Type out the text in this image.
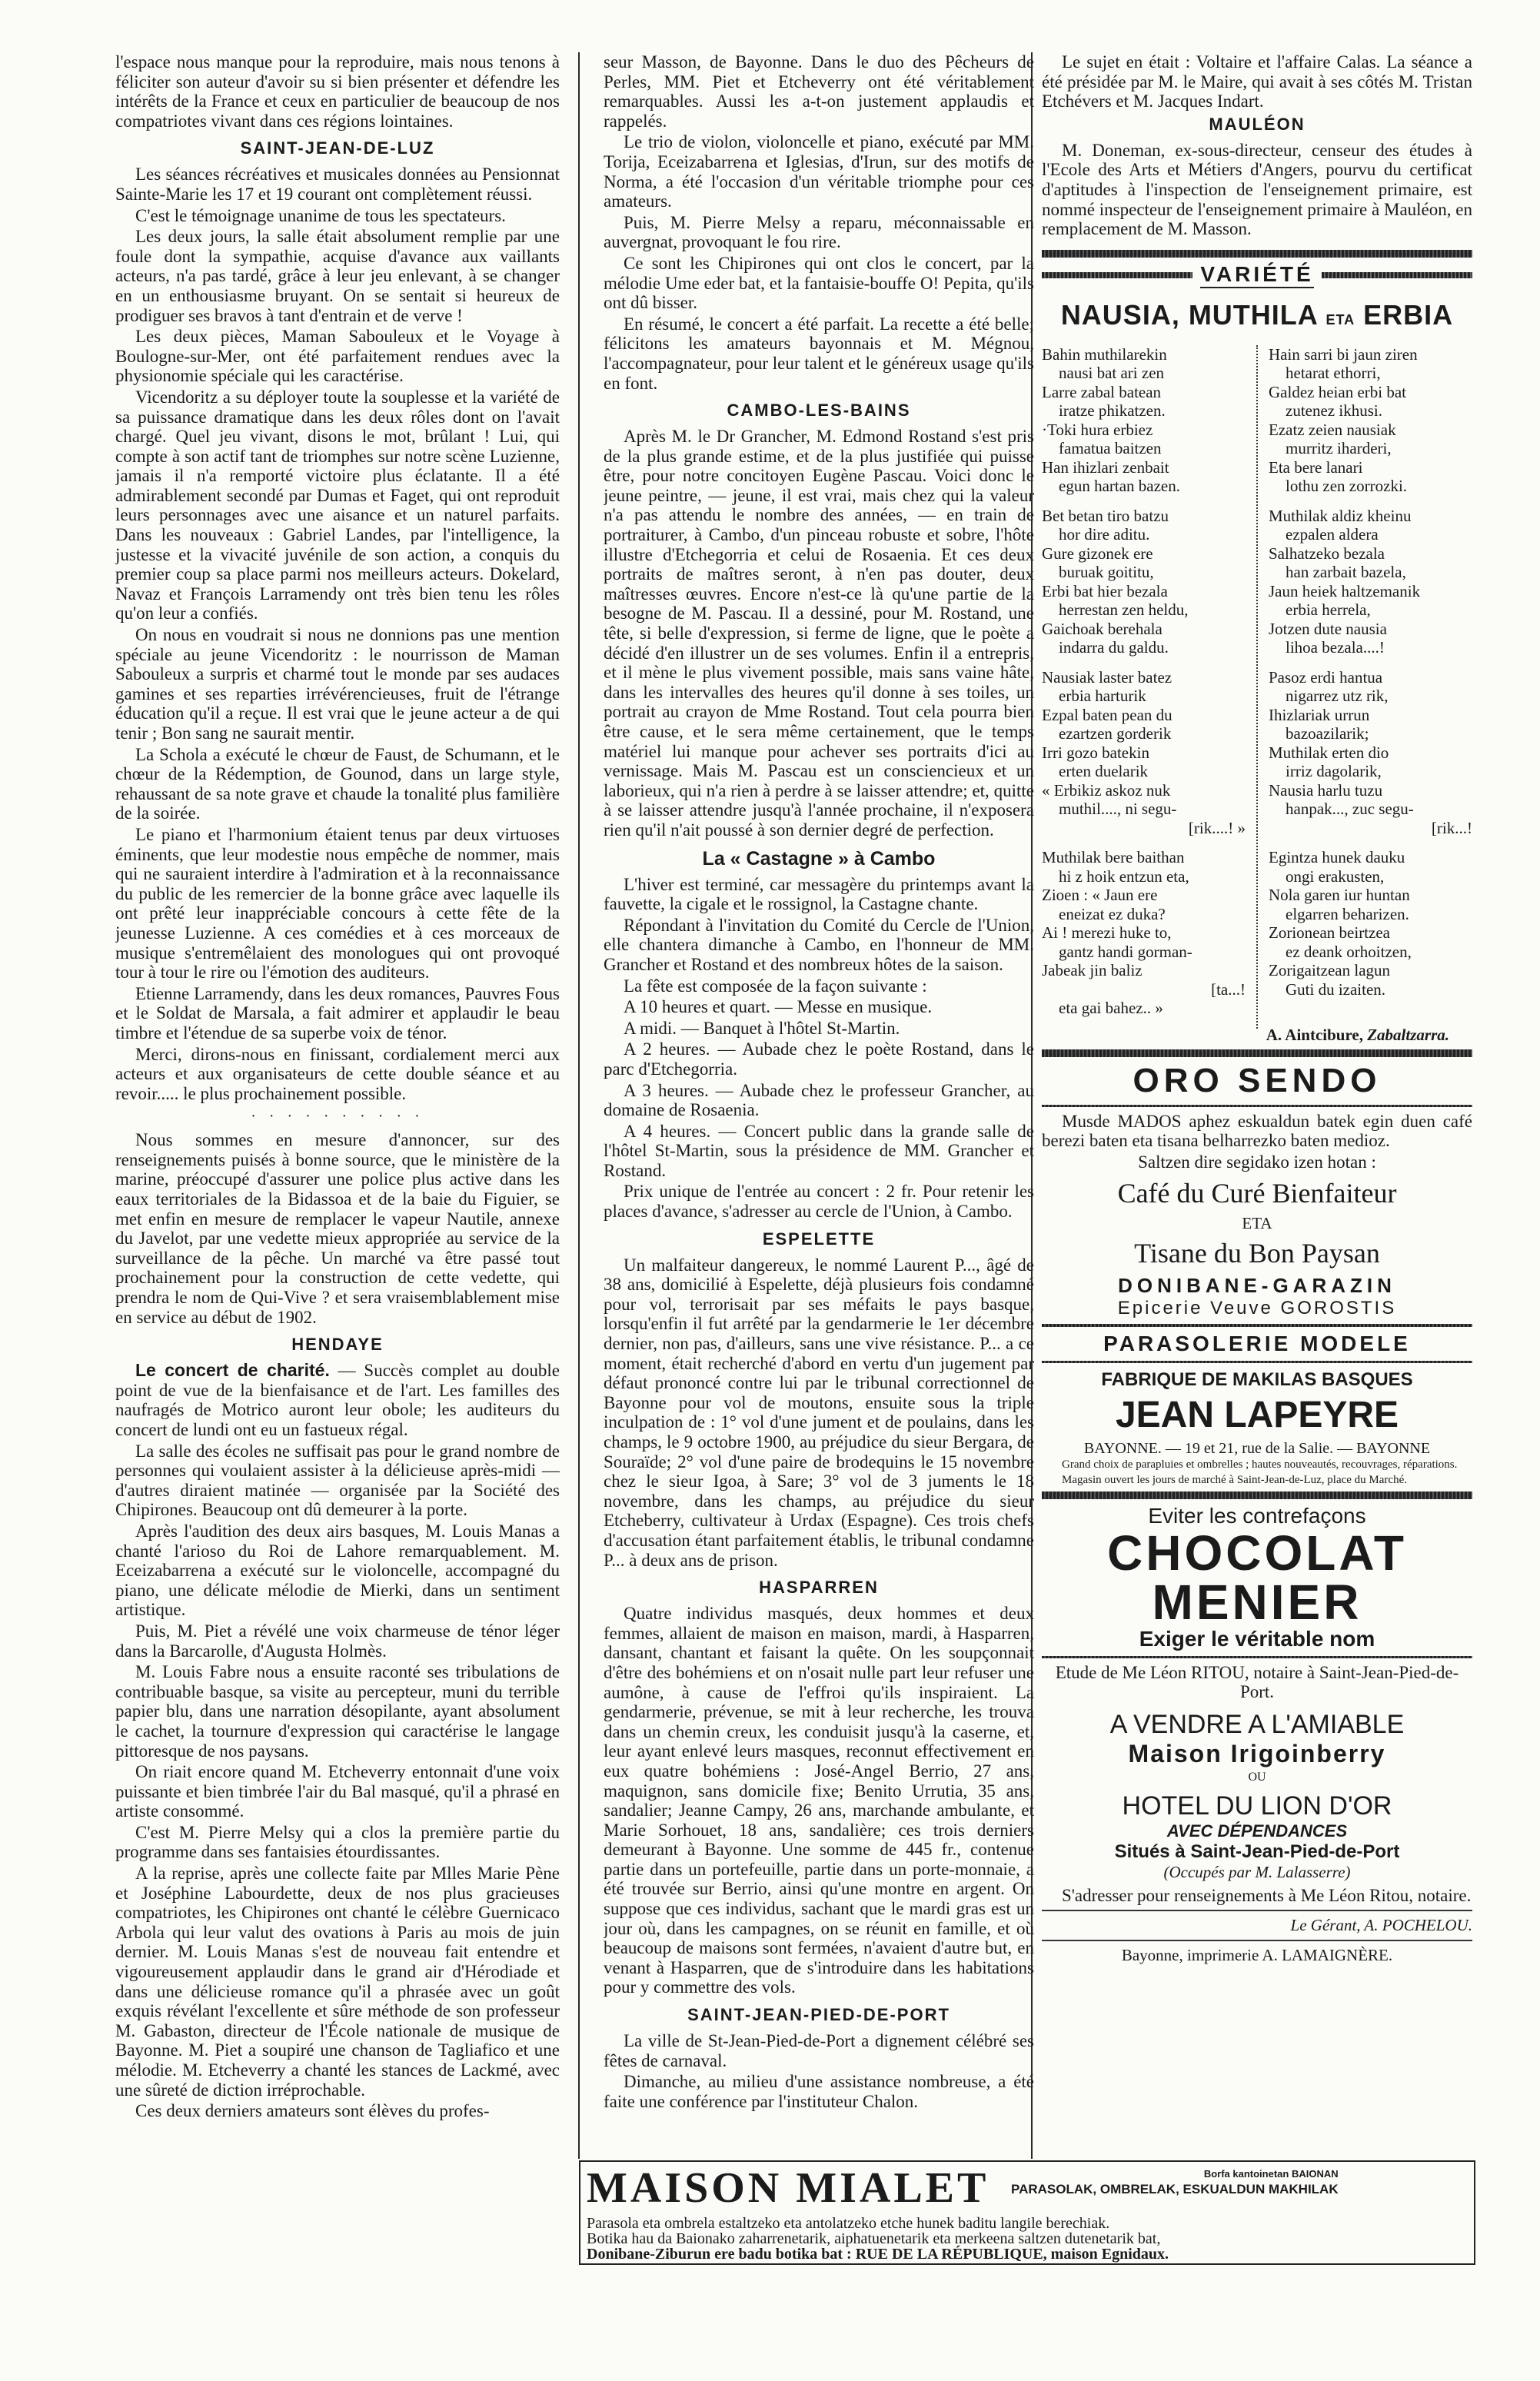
l'espace nous manque pour la reproduire, mais nous tenons à féliciter son auteur d'avoir su si bien présenter et défendre les intérêts de la France et ceux en particulier de beaucoup de nos compatriotes vivant dans ces régions lointaines.

SAINT-JEAN-DE-LUZ

Les séances récréatives et musicales données au Pensionnat Sainte-Marie les 17 et 19 courant ont complètement réussi.

C'est le témoignage unanime de tous les spectateurs.

Les deux jours, la salle était absolument remplie par une foule dont la sympathie, acquise d'avance aux vaillants acteurs, n'a pas tardé, grâce à leur jeu enlevant, à se changer en un enthousiasme bruyant. On se sentait si heureux de prodiguer ses bravos à tant d'entrain et de verve !

Les deux pièces, Maman Sabouleux et le Voyage à Boulogne-sur-Mer, ont été parfaitement rendues avec la physionomie spéciale qui les caractérise.

Vicendoritz a su déployer toute la souplesse et la variété de sa puissance dramatique dans les deux rôles dont on l'avait chargé. Quel jeu vivant, disons le mot, brûlant ! Lui, qui compte à son actif tant de triomphes sur notre scène Luzienne, jamais il n'a remporté victoire plus éclatante. Il a été admirablement secondé par Dumas et Faget, qui ont reproduit leurs personnages avec une aisance et un naturel parfaits. Dans les nouveaux : Gabriel Landes, par l'intelligence, la justesse et la vivacité juvénile de son action, a conquis du premier coup sa place parmi nos meilleurs acteurs. Dokelard, Navaz et François Larramendy ont très bien tenu les rôles qu'on leur a confiés.

On nous en voudrait si nous ne donnions pas une mention spéciale au jeune Vicendoritz : le nourrisson de Maman Sabouleux a surpris et charmé tout le monde par ses audaces gamines et ses reparties irrévérencieuses, fruit de l'étrange éducation qu'il a reçue. Il est vrai que le jeune acteur a de qui tenir ; Bon sang ne saurait mentir.

La Schola a exécuté le chœur de Faust, de Schumann, et le chœur de la Rédemption, de Gounod, dans un large style, rehaussant de sa note grave et chaude la tonalité plus familière de la soirée.

Le piano et l'harmonium étaient tenus par deux virtuoses éminents, que leur modestie nous empêche de nommer, mais qui ne sauraient interdire à l'admiration et à la reconnaissance du public de les remercier de la bonne grâce avec laquelle ils ont prêté leur inappréciable concours à cette fête de la jeunesse Luzienne. A ces comédies et à ces morceaux de musique s'entremêlaient des monologues qui ont provoqué tour à tour le rire ou l'émotion des auditeurs.

Etienne Larramendy, dans les deux romances, Pauvres Fous et le Soldat de Marsala, a fait admirer et applaudir le beau timbre et l'étendue de sa superbe voix de ténor.

Merci, dirons-nous en finissant, cordialement merci aux acteurs et aux organisateurs de cette double séance et au revoir..... le plus prochainement possible.

· · · · · · · · · ·

Nous sommes en mesure d'annoncer, sur des renseignements puisés à bonne source, que le ministère de la marine, préoccupé d'assurer une police plus active dans les eaux territoriales de la Bidassoa et de la baie du Figuier, se met enfin en mesure de remplacer le vapeur Nautile, annexe du Javelot, par une vedette mieux appropriée au service de la surveillance de la pêche. Un marché va être passé tout prochainement pour la construction de cette vedette, qui prendra le nom de Qui-Vive ? et sera vraisemblablement mise en service au début de 1902.

HENDAYE

Le concert de charité. — Succès complet au double point de vue de la bienfaisance et de l'art. Les familles des naufragés de Motrico auront leur obole; les auditeurs du concert de lundi ont eu un fastueux régal.

La salle des écoles ne suffisait pas pour le grand nombre de personnes qui voulaient assister à la délicieuse après-midi — d'autres diraient matinée — organisée par la Société des Chipirones. Beaucoup ont dû demeurer à la porte.

Après l'audition des deux airs basques, M. Louis Manas a chanté l'arioso du Roi de Lahore remarquablement. M. Eceizabarrena a exécuté sur le violoncelle, accompagné du piano, une délicate mélodie de Mierki, dans un sentiment artistique.

Puis, M. Piet a révélé une voix charmeuse de ténor léger dans la Barcarolle, d'Augusta Holmès.

M. Louis Fabre nous a ensuite raconté ses tribulations de contribuable basque, sa visite au percepteur, muni du terrible papier blu, dans une narration désopilante, ayant absolument le cachet, la tournure d'expression qui caractérise le langage pittoresque de nos paysans.

On riait encore quand M. Etcheverry entonnait d'une voix puissante et bien timbrée l'air du Bal masqué, qu'il a phrasé en artiste consommé.

C'est M. Pierre Melsy qui a clos la première partie du programme dans ses fantaisies étourdissantes.

A la reprise, après une collecte faite par Mlles Marie Pène et Joséphine Labourdette, deux de nos plus gracieuses compatriotes, les Chipirones ont chanté le célèbre Guernicaco Arbola qui leur valut des ovations à Paris au mois de juin dernier. M. Louis Manas s'est de nouveau fait entendre et vigoureusement applaudir dans le grand air d'Hérodiade et dans une délicieuse romance qu'il a phrasée avec un goût exquis révélant l'excellente et sûre méthode de son professeur M. Gabaston, directeur de l'École nationale de musique de Bayonne. M. Piet a soupiré une chanson de Tagliafico et une mélodie. M. Etcheverry a chanté les stances de Lackmé, avec une sûreté de diction irréprochable.

Ces deux derniers amateurs sont élèves du profes-

seur Masson, de Bayonne. Dans le duo des Pêcheurs de Perles, MM. Piet et Etcheverry ont été véritablement remarquables. Aussi les a-t-on justement applaudis et rappelés.

Le trio de violon, violoncelle et piano, exécuté par MM. Torija, Eceizabarrena et Iglesias, d'Irun, sur des motifs de Norma, a été l'occasion d'un véritable triomphe pour ces amateurs.

Puis, M. Pierre Melsy a reparu, méconnaissable en auvergnat, provoquant le fou rire.

Ce sont les Chipirones qui ont clos le concert, par la mélodie Ume eder bat, et la fantaisie-bouffe O! Pepita, qu'ils ont dû bisser.

En résumé, le concert a été parfait. La recette a été belle; félicitons les amateurs bayonnais et M. Mégnou, l'accompagnateur, pour leur talent et le généreux usage qu'ils en font.

CAMBO-LES-BAINS

Après M. le Dr Grancher, M. Edmond Rostand s'est pris de la plus grande estime, et de la plus justifiée qui puisse être, pour notre concitoyen Eugène Pascau. Voici donc le jeune peintre, — jeune, il est vrai, mais chez qui la valeur n'a pas attendu le nombre des années, — en train de portraiturer, à Cambo, d'un pinceau robuste et sobre, l'hôte illustre d'Etchegorria et celui de Rosaenia. Et ces deux portraits de maîtres seront, à n'en pas douter, deux maîtresses œuvres. Encore n'est-ce là qu'une partie de la besogne de M. Pascau. Il a dessiné, pour M. Rostand, une tête, si belle d'expression, si ferme de ligne, que le poète a décidé d'en illustrer un de ses volumes. Enfin il a entrepris, et il mène le plus vivement possible, mais sans vaine hâte, dans les intervalles des heures qu'il donne à ses toiles, un portrait au crayon de Mme Rostand. Tout cela pourra bien être cause, et le sera même certainement, que le temps matériel lui manque pour achever ses portraits d'ici au vernissage. Mais M. Pascau est un consciencieux et un laborieux, qui n'a rien à perdre à se laisser attendre; et, quitte à se laisser attendre jusqu'à l'année prochaine, il n'exposera rien qu'il n'ait poussé à son dernier degré de perfection.

La « Castagne » à Cambo

L'hiver est terminé, car messagère du printemps avant la fauvette, la cigale et le rossignol, la Castagne chante.

Répondant à l'invitation du Comité du Cercle de l'Union, elle chantera dimanche à Cambo, en l'honneur de MM. Grancher et Rostand et des nombreux hôtes de la saison.

La fête est composée de la façon suivante :

A 10 heures et quart. — Messe en musique.

A midi. — Banquet à l'hôtel St-Martin.

A 2 heures. — Aubade chez le poète Rostand, dans le parc d'Etchegorria.

A 3 heures. — Aubade chez le professeur Grancher, au domaine de Rosaenia.

A 4 heures. — Concert public dans la grande salle de l'hôtel St-Martin, sous la présidence de MM. Grancher et Rostand.

Prix unique de l'entrée au concert : 2 fr. Pour retenir les places d'avance, s'adresser au cercle de l'Union, à Cambo.

ESPELETTE

Un malfaiteur dangereux, le nommé Laurent P..., âgé de 38 ans, domicilié à Espelette, déjà plusieurs fois condamné pour vol, terrorisait par ses méfaits le pays basque, lorsqu'enfin il fut arrêté par la gendarmerie le 1er décembre dernier, non pas, d'ailleurs, sans une vive résistance. P... a ce moment, était recherché d'abord en vertu d'un jugement par défaut prononcé contre lui par le tribunal correctionnel de Bayonne pour vol de moutons, ensuite sous la triple inculpation de : 1° vol d'une jument et de poulains, dans les champs, le 9 octobre 1900, au préjudice du sieur Bergara, de Souraïde; 2° vol d'une paire de brodequins le 15 novembre chez le sieur Igoa, à Sare; 3° vol de 3 juments le 18 novembre, dans les champs, au préjudice du sieur Etcheberry, cultivateur à Urdax (Espagne). Ces trois chefs d'accusation étant parfaitement établis, le tribunal condamne P... à deux ans de prison.

HASPARREN

Quatre individus masqués, deux hommes et deux femmes, allaient de maison en maison, mardi, à Hasparren, dansant, chantant et faisant la quête. On les soupçonnait d'être des bohémiens et on n'osait nulle part leur refuser une aumône, à cause de l'effroi qu'ils inspiraient. La gendarmerie, prévenue, se mit à leur recherche, les trouva dans un chemin creux, les conduisit jusqu'à la caserne, et, leur ayant enlevé leurs masques, reconnut effectivement en eux quatre bohémiens : José-Angel Berrio, 27 ans, maquignon, sans domicile fixe; Benito Urrutia, 35 ans, sandalier; Jeanne Campy, 26 ans, marchande ambulante, et Marie Sorhouet, 18 ans, sandalière; ces trois derniers demeurant à Bayonne. Une somme de 445 fr., contenue partie dans un portefeuille, partie dans un porte-monnaie, a été trouvée sur Berrio, ainsi qu'une montre en argent. On suppose que ces individus, sachant que le mardi gras est un jour où, dans les campagnes, on se réunit en famille, et où beaucoup de maisons sont fermées, n'avaient d'autre but, en venant à Hasparren, que de s'introduire dans les habitations pour y commettre des vols.

SAINT-JEAN-PIED-DE-PORT

La ville de St-Jean-Pied-de-Port a dignement célébré ses fêtes de carnaval.

Dimanche, au milieu d'une assistance nombreuse, a été faite une conférence par l'instituteur Chalon.

Le sujet en était : Voltaire et l'affaire Calas. La séance a été présidée par M. le Maire, qui avait à ses côtés M. Tristan Etchévers et M. Jacques Indart.

MAULÉON

M. Doneman, ex-sous-directeur, censeur des études à l'Ecole des Arts et Métiers d'Angers, pourvu du certificat d'aptitudes à l'inspection de l'enseignement primaire, est nommé inspecteur de l'enseignement primaire à Mauléon, en remplacement de M. Masson.

VARIÉTÉ
NAUSIA, MUTHILA ETA ERBIA
Bahin muthilarekin
nausi bat ari zen
Larre zabal batean
iratze phikatzen.
·Toki hura erbiez
famatua baitzen
Han ihizlari zenbait
egun hartan bazen.
Bet betan tiro batzu
hor dire aditu.
Gure gizonek ere
buruak goititu,
Erbi bat hier bezala
herrestan zen heldu,
Gaichoak berehala
indarra du galdu.
Nausiak laster batez
erbia harturik
Ezpal baten pean du
ezartzen gorderik
Irri gozo batekin
erten duelarik
« Erbikiz askoz nuk
muthil...., ni segu-
[rik....! »
Muthilak bere baithan
hi z hoik entzun eta,
Zioen : « Jaun ere
eneizat ez duka?
Ai ! merezi huke to,
gantz handi gorman-
Jabeak jin baliz
[ta...!
eta gai bahez.. »
Hain sarri bi jaun ziren
hetarat ethorri,
Galdez heian erbi bat
zutenez ikhusi.
Ezatz zeien nausiak
murritz iharderi,
Eta bere lanari
lothu zen zorrozki.
Muthilak aldiz kheinu
ezpalen aldera
Salhatzeko bezala
han zarbait bazela,
Jaun heiek haltzemanik
erbia herrela,
Jotzen dute nausia
lihoa bezala....!
Pasoz erdi hantua
nigarrez utz rik,
Ihizlariak urrun
bazoazilarik;
Muthilak erten dio
irriz dagolarik,
Nausia harlu tuzu
hanpak..., zuc segu-
[rik...!
Egintza hunek dauku
ongi erakusten,
Nola garen iur huntan
elgarren beharizen.
Zorionean beirtzea
ez deank orhoitzen,
Zorigaitzean lagun
Guti du izaiten.
A. Aintcibure, Zabaltzarra.
ORO SENDO

Musde MADOS aphez eskualdun batek egin duen café berezi baten eta tisana belharrezko baten medioz.

Saltzen dire segidako izen hotan :

Café du Curé Bienfaiteur
ETA
Tisane du Bon Paysan
DONIBANE-GARAZIN
Epicerie Veuve GOROSTIS
PARASOLERIE MODELE
FABRIQUE DE MAKILAS BASQUES
JEAN LAPEYRE
BAYONNE. — 19 et 21, rue de la Salie. — BAYONNE

Grand choix de parapluies et ombrelles ; hautes nouveautés, recouvrages, réparations.

Magasin ouvert les jours de marché à Saint-Jean-de-Luz, place du Marché.

Eviter les contrefaçons
CHOCOLAT
MENIER
Exiger le véritable nom

Etude de Me Léon RITOU, notaire à Saint-Jean-Pied-de-Port.

A VENDRE A L'AMIABLE
Maison Irigoinberry
OU
HOTEL DU LION D'OR
AVEC DÉPENDANCES
Situés à Saint-Jean-Pied-de-Port
(Occupés par M. Lalasserre)

S'adresser pour renseignements à Me Léon Ritou, notaire.

Le Gérant, A. POCHELOU.
Bayonne, imprimerie A. LAMAIGNÈRE.
MAISON MIALET	Borfa kantoinetan BAIONAN
PARASOLAK, OMBRELAK, ESKUALDUN MAKHILAK
Parasola eta ombrela estaltzeko eta antolatzeko etche hunek baditu langile berechiak.
Botika hau da Baionako zaharrenetarik, aiphatuenetarik eta merkeena saltzen dutenetarik bat,
Donibane-Ziburun ere badu botika bat : RUE DE LA RÉPUBLIQUE, maison Egnidaux.
